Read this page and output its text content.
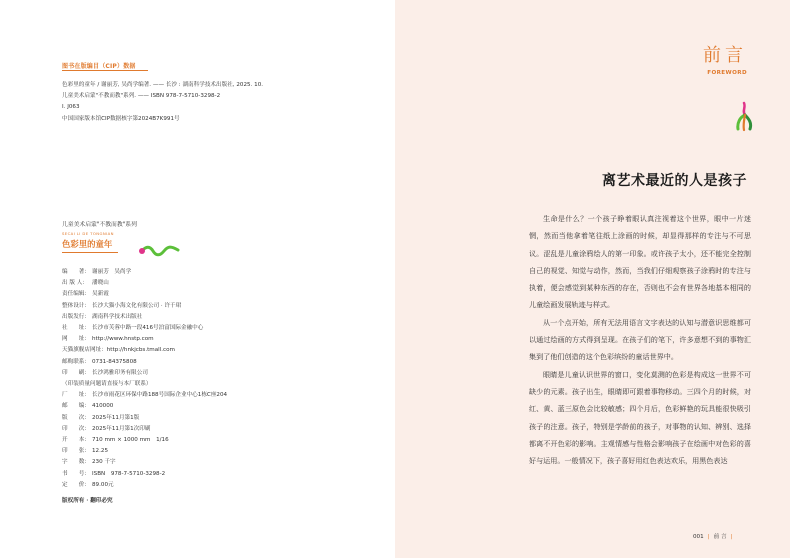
图书在版编目（CIP）数据
色彩里的童年 / 谢丽芳, 吴尚学编著. —— 长沙 : 湖南科学技术出版社, 2025. 10.
儿童美术启蒙"不教而教"系列. —— ISBN 978-7-5710-3298-2
Ⅰ. J063
中国国家版本馆CIP数据核字第2024B7K991号
儿童美术启蒙"不教而教"系列
SECAI LI DE TONGNIAN
色彩里的童年
编　　著： 谢丽芳　吴尚学
出 版 人： 潘晓山
责任编辑： 吴新霞
整体设计： 长沙大猫小海文化有限公司 · 许千珺
出版发行： 湖南科学技术出版社
社　　址： 长沙市芙蓉中路一段416号泊富国际金融中心
网　　址： http://www.hnstp.com
天猫旗舰店网址： http://hnkjcbs.tmall.com
邮购联系： 0731-84375808
印　　刷： 长沙鸿雅印务有限公司
（印装质量问题请直接与本厂联系）
厂　　址： 长沙市雨花区环保中路188号国际企业中心1栋C座204
邮　　编： 410000
版　　次： 2025年11月第1版
印　　次： 2025年11月第1次印刷
开　　本： 710 mm × 1000 mm　1/16
印　　张： 12.25
字　　数： 230 千字
书　　号： ISBN　978-7-5710-3298-2
定　　价： 89.00元
版权所有 · 翻印必究
前言
FOREWORD
离艺术最近的人是孩子

生命是什么？一个孩子睁着眼认真注视着这个世界，眼中一片迷惘，然而当他拿着笔往纸上涂画的时候，却显得那样的专注与不可思议。涩乱是儿童涂鸦绘人的第一印象。或许孩子太小，还不能完全控制自己的视觉、知觉与动作，然而，当我们仔细观察孩子涂鸦时的专注与执着，便会感觉到某种东西的存在，否则也不会有世界各地基本相同的儿童绘画发展轨迹与样式。

从一个点开始，所有无法用语言文字表达的认知与潜意识思维都可以通过绘画的方式得到呈现。在孩子们的笔下，许多意想不到的事物汇集到了他们创造的这个色彩缤纷的童话世界中。

眼睛是儿童认识世界的窗口，变化莫测的色彩是构成这一世界不可缺少的元素。孩子出生，眼睛即可跟着事物移动。三四个月的时候，对红、黄、蓝三原色会比较敏感；四个月后，色彩鲜艳的玩具能很快吸引孩子的注意。孩子，特别是学龄前的孩子，对事物的认知、辨别、选择都离不开色彩的影响。主观情感与性格会影响孩子在绘画中对色彩的喜好与运用。一般情况下，孩子喜好用红色表达欢乐，用黑色表达

001 | 前 言 |
